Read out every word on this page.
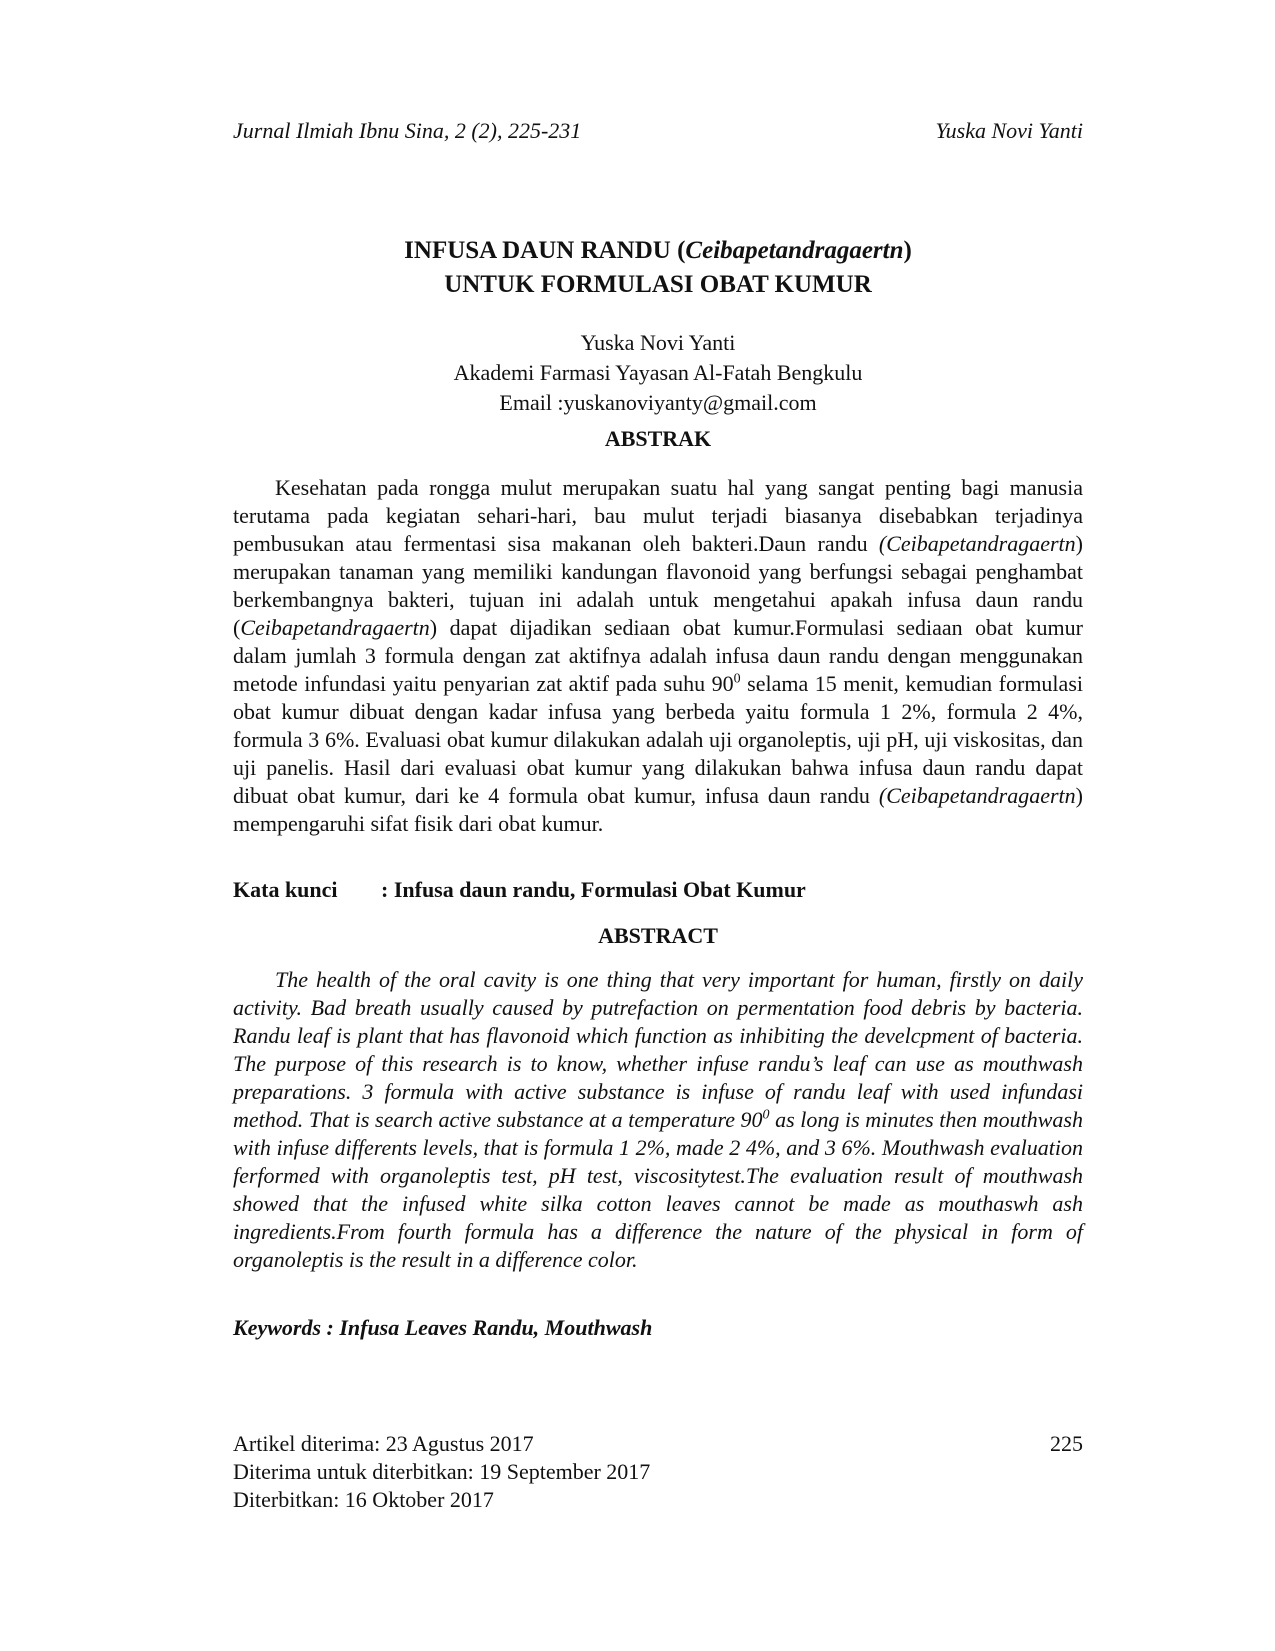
Jurnal Ilmiah Ibnu Sina, 2 (2), 225-231	Yuska Novi Yanti
INFUSA DAUN RANDU (Ceibapetandragaertn)
UNTUK FORMULASI OBAT KUMUR
Yuska Novi Yanti
Akademi Farmasi Yayasan Al-Fatah Bengkulu
Email :yuskanoviyanty@gmail.com
ABSTRAK
Kesehatan pada rongga mulut merupakan suatu hal yang sangat penting bagi manusia terutama pada kegiatan sehari-hari, bau mulut terjadi biasanya disebabkan terjadinya pembusukan atau fermentasi sisa makanan oleh bakteri.Daun randu (Ceibapetandragaertn) merupakan tanaman yang memiliki kandungan flavonoid yang berfungsi sebagai penghambat berkembangnya bakteri, tujuan ini adalah untuk mengetahui apakah infusa daun randu (Ceibapetandragaertn) dapat dijadikan sediaan obat kumur.Formulasi sediaan obat kumur dalam jumlah 3 formula dengan zat aktifnya adalah infusa daun randu dengan menggunakan metode infundasi yaitu penyarian zat aktif pada suhu $90^0$ selama 15 menit, kemudian formulasi obat kumur dibuat dengan kadar infusa yang berbeda yaitu formula 1 2%, formula 2 4%, formula 3 6%. Evaluasi obat kumur dilakukan adalah uji organoleptis, uji pH, uji viskositas, dan uji panelis. Hasil dari evaluasi obat kumur yang dilakukan bahwa infusa daun randu dapat dibuat obat kumur, dari ke 4 formula obat kumur, infusa daun randu (Ceibapetandragaertn) mempengaruhi sifat fisik dari obat kumur.
Kata kunci : Infusa daun randu, Formulasi Obat Kumur
ABSTRACT
The health of the oral cavity is one thing that very important for human, firstly on daily activity. Bad breath usually caused by putrefaction on permentation food debris by bacteria. Randu leaf is plant that has flavonoid which function as inhibiting the develcpment of bacteria. The purpose of this research is to know, whether infuse randu’s leaf can use as mouthwash preparations. 3 formula with active substance is infuse of randu leaf with used infundasi method. That is search active substance at a temperature $90^0$ as long is minutes then mouthwash with infuse differents levels, that is formula 1 2%, made 2 4%, and 3 6%. Mouthwash evaluation ferformed with organoleptis test, pH test, viscositytest.The evaluation result of mouthwash showed that the infused white silka cotton leaves cannot be made as mouthaswh ash ingredients.From fourth formula has a difference the nature of the physical in form of organoleptis is the result in a difference color.
Keywords : Infusa Leaves Randu, Mouthwash
Artikel diterima: 23 Agustus 2017	225
Diterima untuk diterbitkan: 19 September 2017
Diterbitkan: 16 Oktober 2017
